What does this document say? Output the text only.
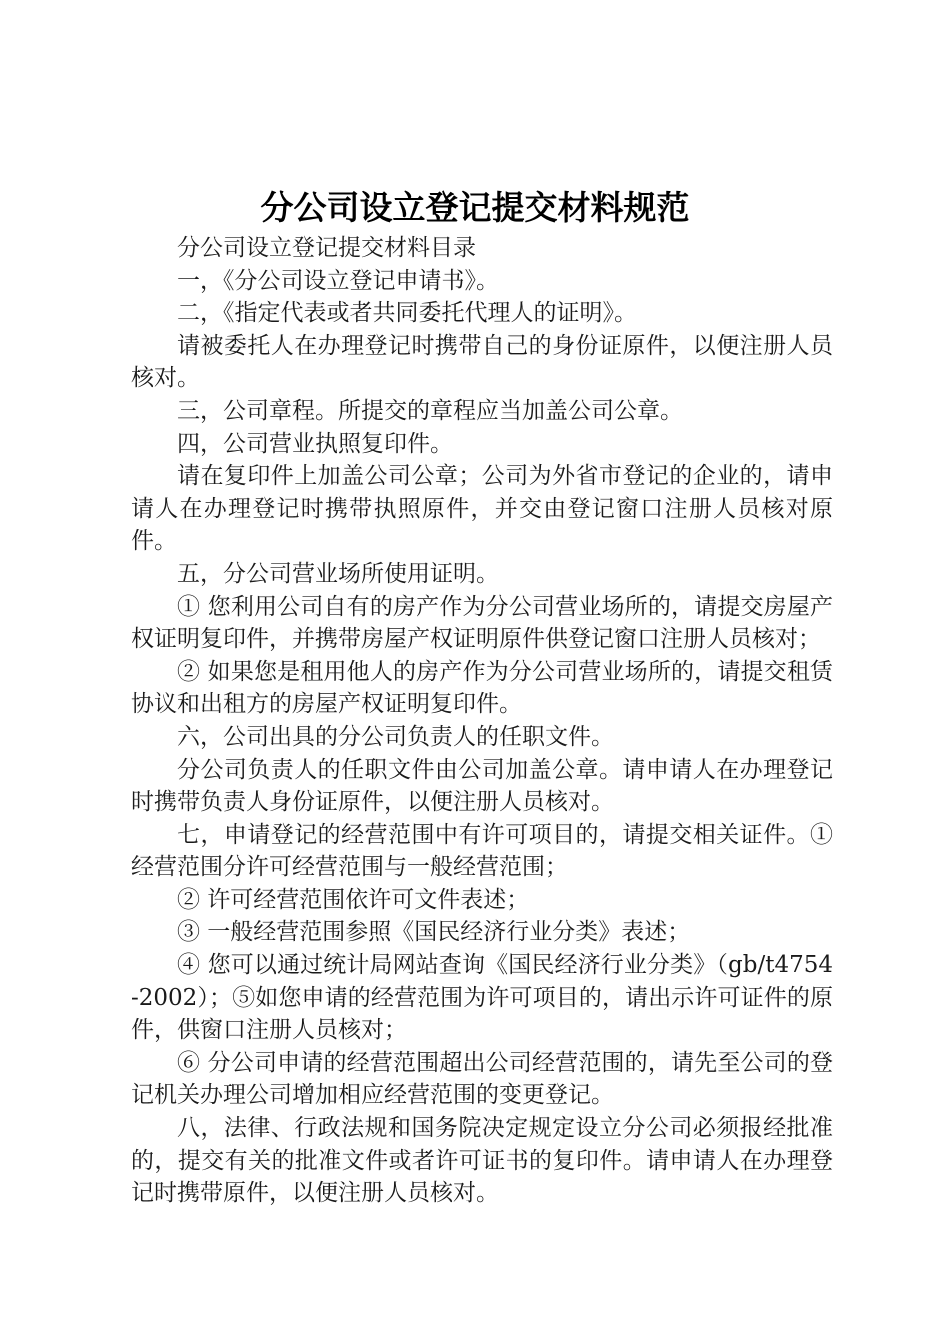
分公司设立登记提交材料规范

分公司设立登记提交材料目录

一，《分公司设立登记申请书》。

二，《指定代表或者共同委托代理人的证明》。

请被委托人在办理登记时携带自己的身份证原件，以便注册人员核对。

三，公司章程。所提交的章程应当加盖公司公章。

四，公司营业执照复印件。

请在复印件上加盖公司公章；公司为外省市登记的企业的，请申请人在办理登记时携带执照原件，并交由登记窗口注册人员核对原件。

五，分公司营业场所使用证明。

① 您利用公司自有的房产作为分公司营业场所的，请提交房屋产权证明复印件，并携带房屋产权证明原件供登记窗口注册人员核对；

② 如果您是租用他人的房产作为分公司营业场所的，请提交租赁协议和出租方的房屋产权证明复印件。

六，公司出具的分公司负责人的任职文件。

分公司负责人的任职文件由公司加盖公章。请申请人在办理登记时携带负责人身份证原件，以便注册人员核对。

七，申请登记的经营范围中有许可项目的，请提交相关证件。①经营范围分许可经营范围与一般经营范围；

② 许可经营范围依许可文件表述；

③ 一般经营范围参照《国民经济行业分类》表述；

④ 您可以通过统计局网站查询《国民经济行业分类》（gb/t4754-2002）；⑤如您申请的经营范围为许可项目的，请出示许可证件的原件，供窗口注册人员核对；

⑥ 分公司申请的经营范围超出公司经营范围的，请先至公司的登记机关办理公司增加相应经营范围的变更登记。

八，法律、行政法规和国务院决定规定设立分公司必须报经批准的，提交有关的批准文件或者许可证书的复印件。请申请人在办理登记时携带原件，以便注册人员核对。
